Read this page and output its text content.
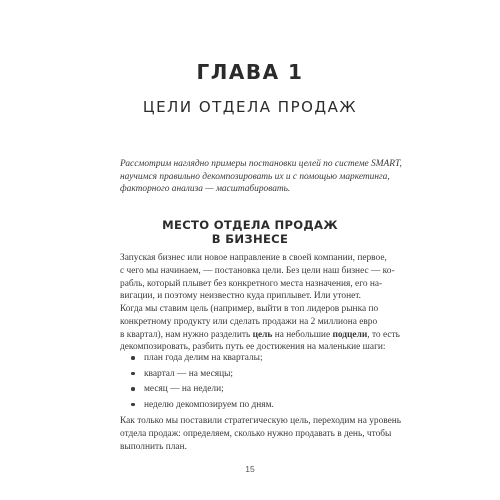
ГЛАВА 1
ЦЕЛИ ОТДЕЛА ПРОДАЖ
Рассмотрим наглядно примеры постановки целей по системе SMART,
научимся правильно декомпозировать их и с помощью маркетинга,
факторного анализа — масштабировать.
МЕСТО ОТДЕЛА ПРОДАЖ
В БИЗНЕСЕ
Запуская бизнес или новое направление в своей компании, первое,
с чего мы начинаем, — постановка цели. Без цели наш бизнес — ко-
рабль, который плывет без конкретного места назначения, его на-
вигации, и поэтому неизвестно куда приплывет. Или утонет.
Когда мы ставим цель (например, выйти в топ лидеров рынка по
конкретному продукту или сделать продажи на 2 миллиона евро
в квартал), нам нужно разделить цель на небольшие подцели, то есть
декомпозировать, разбить путь ее достижения на маленькие шаги:
план года делим на кварталы;
квартал — на месяцы;
месяц — на недели;
неделю декомпозируем по дням.
Как только мы поставили стратегическую цель, переходим на уровень
отдела продаж: определяем, сколько нужно продавать в день, чтобы
выполнить план.
15
